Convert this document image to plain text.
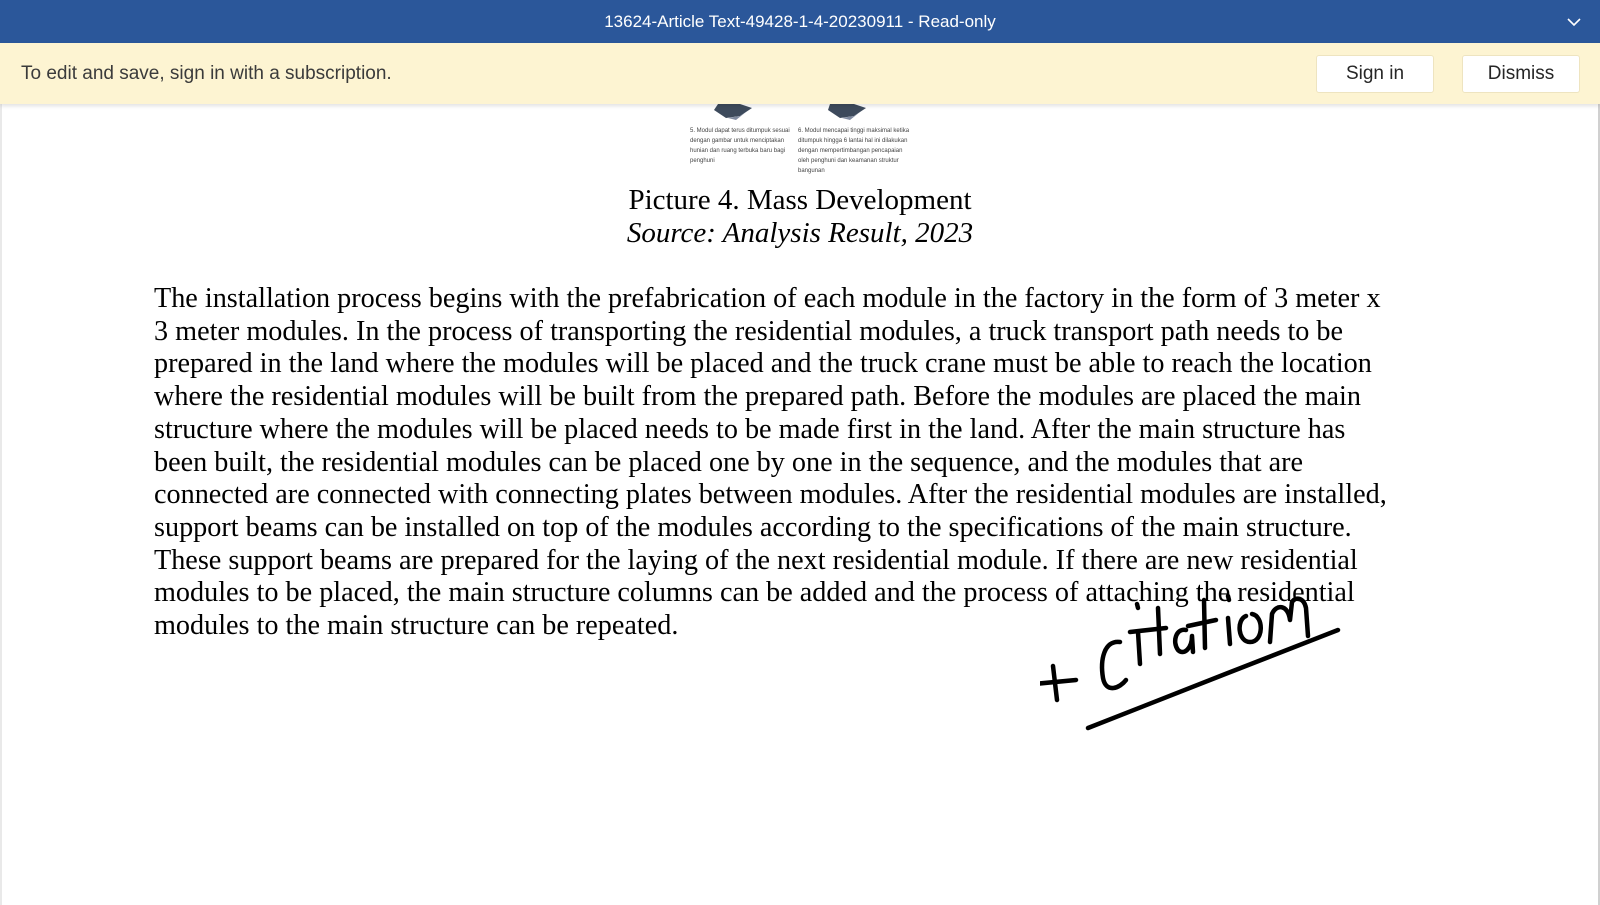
13624-Article Text-49428-1-4-20230911 - Read-only
To edit and save, sign in with a subscription.	Sign in	Dismiss
5. Modul dapat terus ditumpuk sesuai
dengan gambar untuk menciptakan
hunian dan ruang terbuka baru bagi
penghuni
6. Modul mencapai tinggi maksimal ketika
ditumpuk hingga 6 lantai hal ini dilakukan
dengan mempertimbangan pencapaian
oleh penghuni dan keamanan struktur
bangunan
Picture 4. Mass Development
Source: Analysis Result, 2023
The installation process begins with the prefabrication of each module in the factory in the form of 3 meter x
3 meter modules. In the process of transporting the residential modules, a truck transport path needs to be
prepared in the land where the modules will be placed and the truck crane must be able to reach the location
where the residential modules will be built from the prepared path. Before the modules are placed the main
structure where the modules will be placed needs to be made first in the land. After the main structure has
been built, the residential modules can be placed one by one in the sequence, and the modules that are
connected are connected with connecting plates between modules. After the residential modules are installed,
support beams can be installed on top of the modules according to the specifications of the main structure.
These support beams are prepared for the laying of the next residential module. If there are new residential
modules to be placed, the main structure columns can be added and the process of attaching the residential
modules to the main structure can be repeated.
